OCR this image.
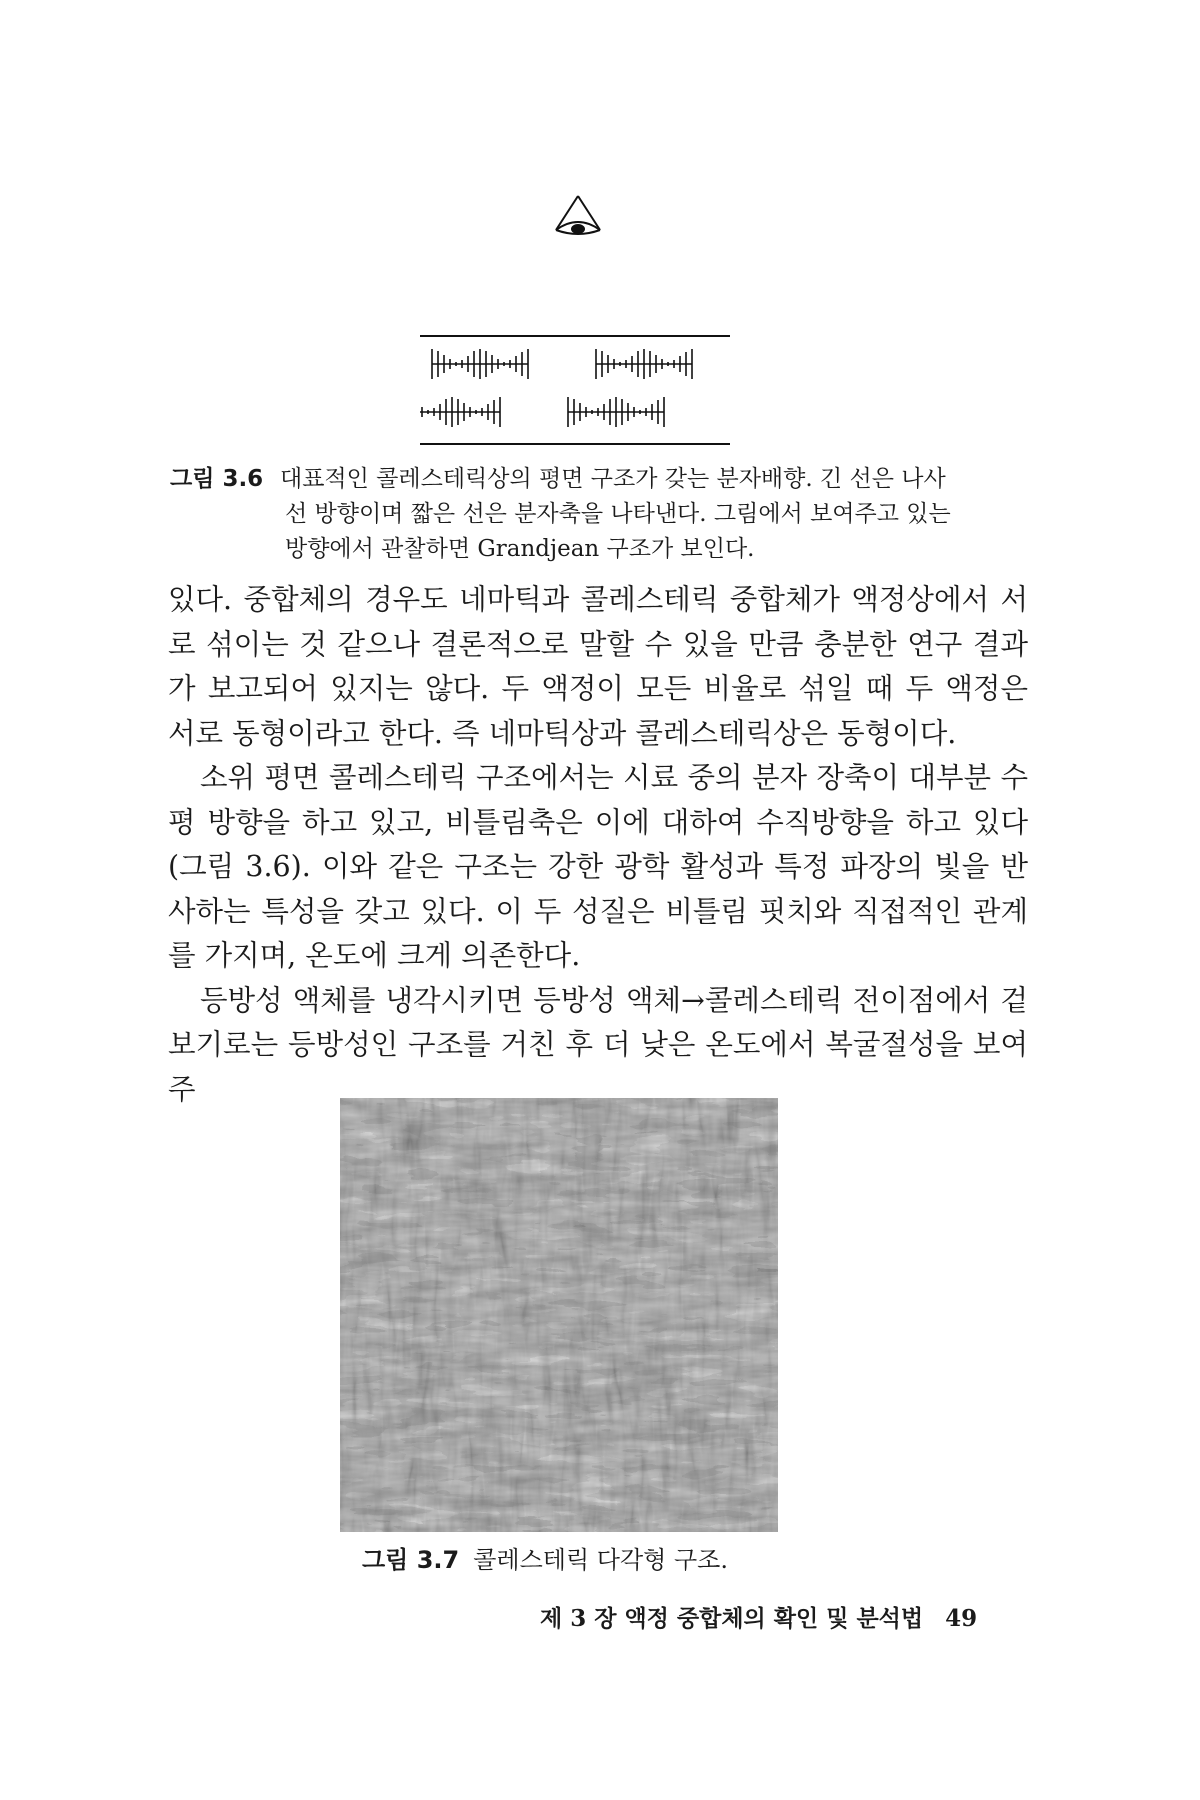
그림 3.6 대표적인 콜레스테릭상의 평면 구조가 갖는 분자배향. 긴 선은 나사
선 방향이며 짧은 선은 분자축을 나타낸다. 그림에서 보여주고 있는
방향에서 관찰하면 Grandjean 구조가 보인다.

있다. 중합체의 경우도 네마틱과 콜레스테릭 중합체가 액정상에서 서로 섞이는 것 같으나 결론적으로 말할 수 있을 만큼 충분한 연구 결과가 보고되어 있지는 않다. 두 액정이 모든 비율로 섞일 때 두 액정은 서로 동형이라고 한다. 즉 네마틱상과 콜레스테릭상은 동형이다.

소위 평면 콜레스테릭 구조에서는 시료 중의 분자 장축이 대부분 수평 방향을 하고 있고, 비틀림축은 이에 대하여 수직방향을 하고 있다(그림 3.6). 이와 같은 구조는 강한 광학 활성과 특정 파장의 빛을 반사하는 특성을 갖고 있다. 이 두 성질은 비틀림 핏치와 직접적인 관계를 가지며, 온도에 크게 의존한다.

등방성 액체를 냉각시키면 등방성 액체→콜레스테릭 전이점에서 겉보기로는 등방성인 구조를 거친 후 더 낮은 온도에서 복굴절성을 보여주

그림 3.7 콜레스테릭 다각형 구조.
제 3 장 액정 중합체의 확인 및 분석법 49
